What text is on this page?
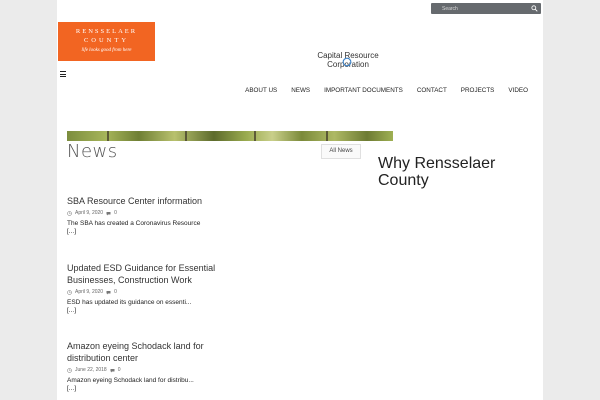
Search
RENSSELAER
COUNTY
life looks good from here
Capital Resource Corporation
ABOUT US	NEWS	IMPORTANT DOCUMENTS	CONTACT	PROJECTS	VIDEO
News	All News
Why Rensselaer County
SBA Resource Center information
April 9, 2020 0
The SBA has created a Coronavirus Resource
[...]
Updated ESD Guidance for Essential Businesses, Construction Work
April 9, 2020 0
ESD has updated its guidance on essenti...
[...]
Amazon eyeing Schodack land for distribution center
June 22, 2018 0
Amazon eyeing Schodack land for distribu...
[...]
